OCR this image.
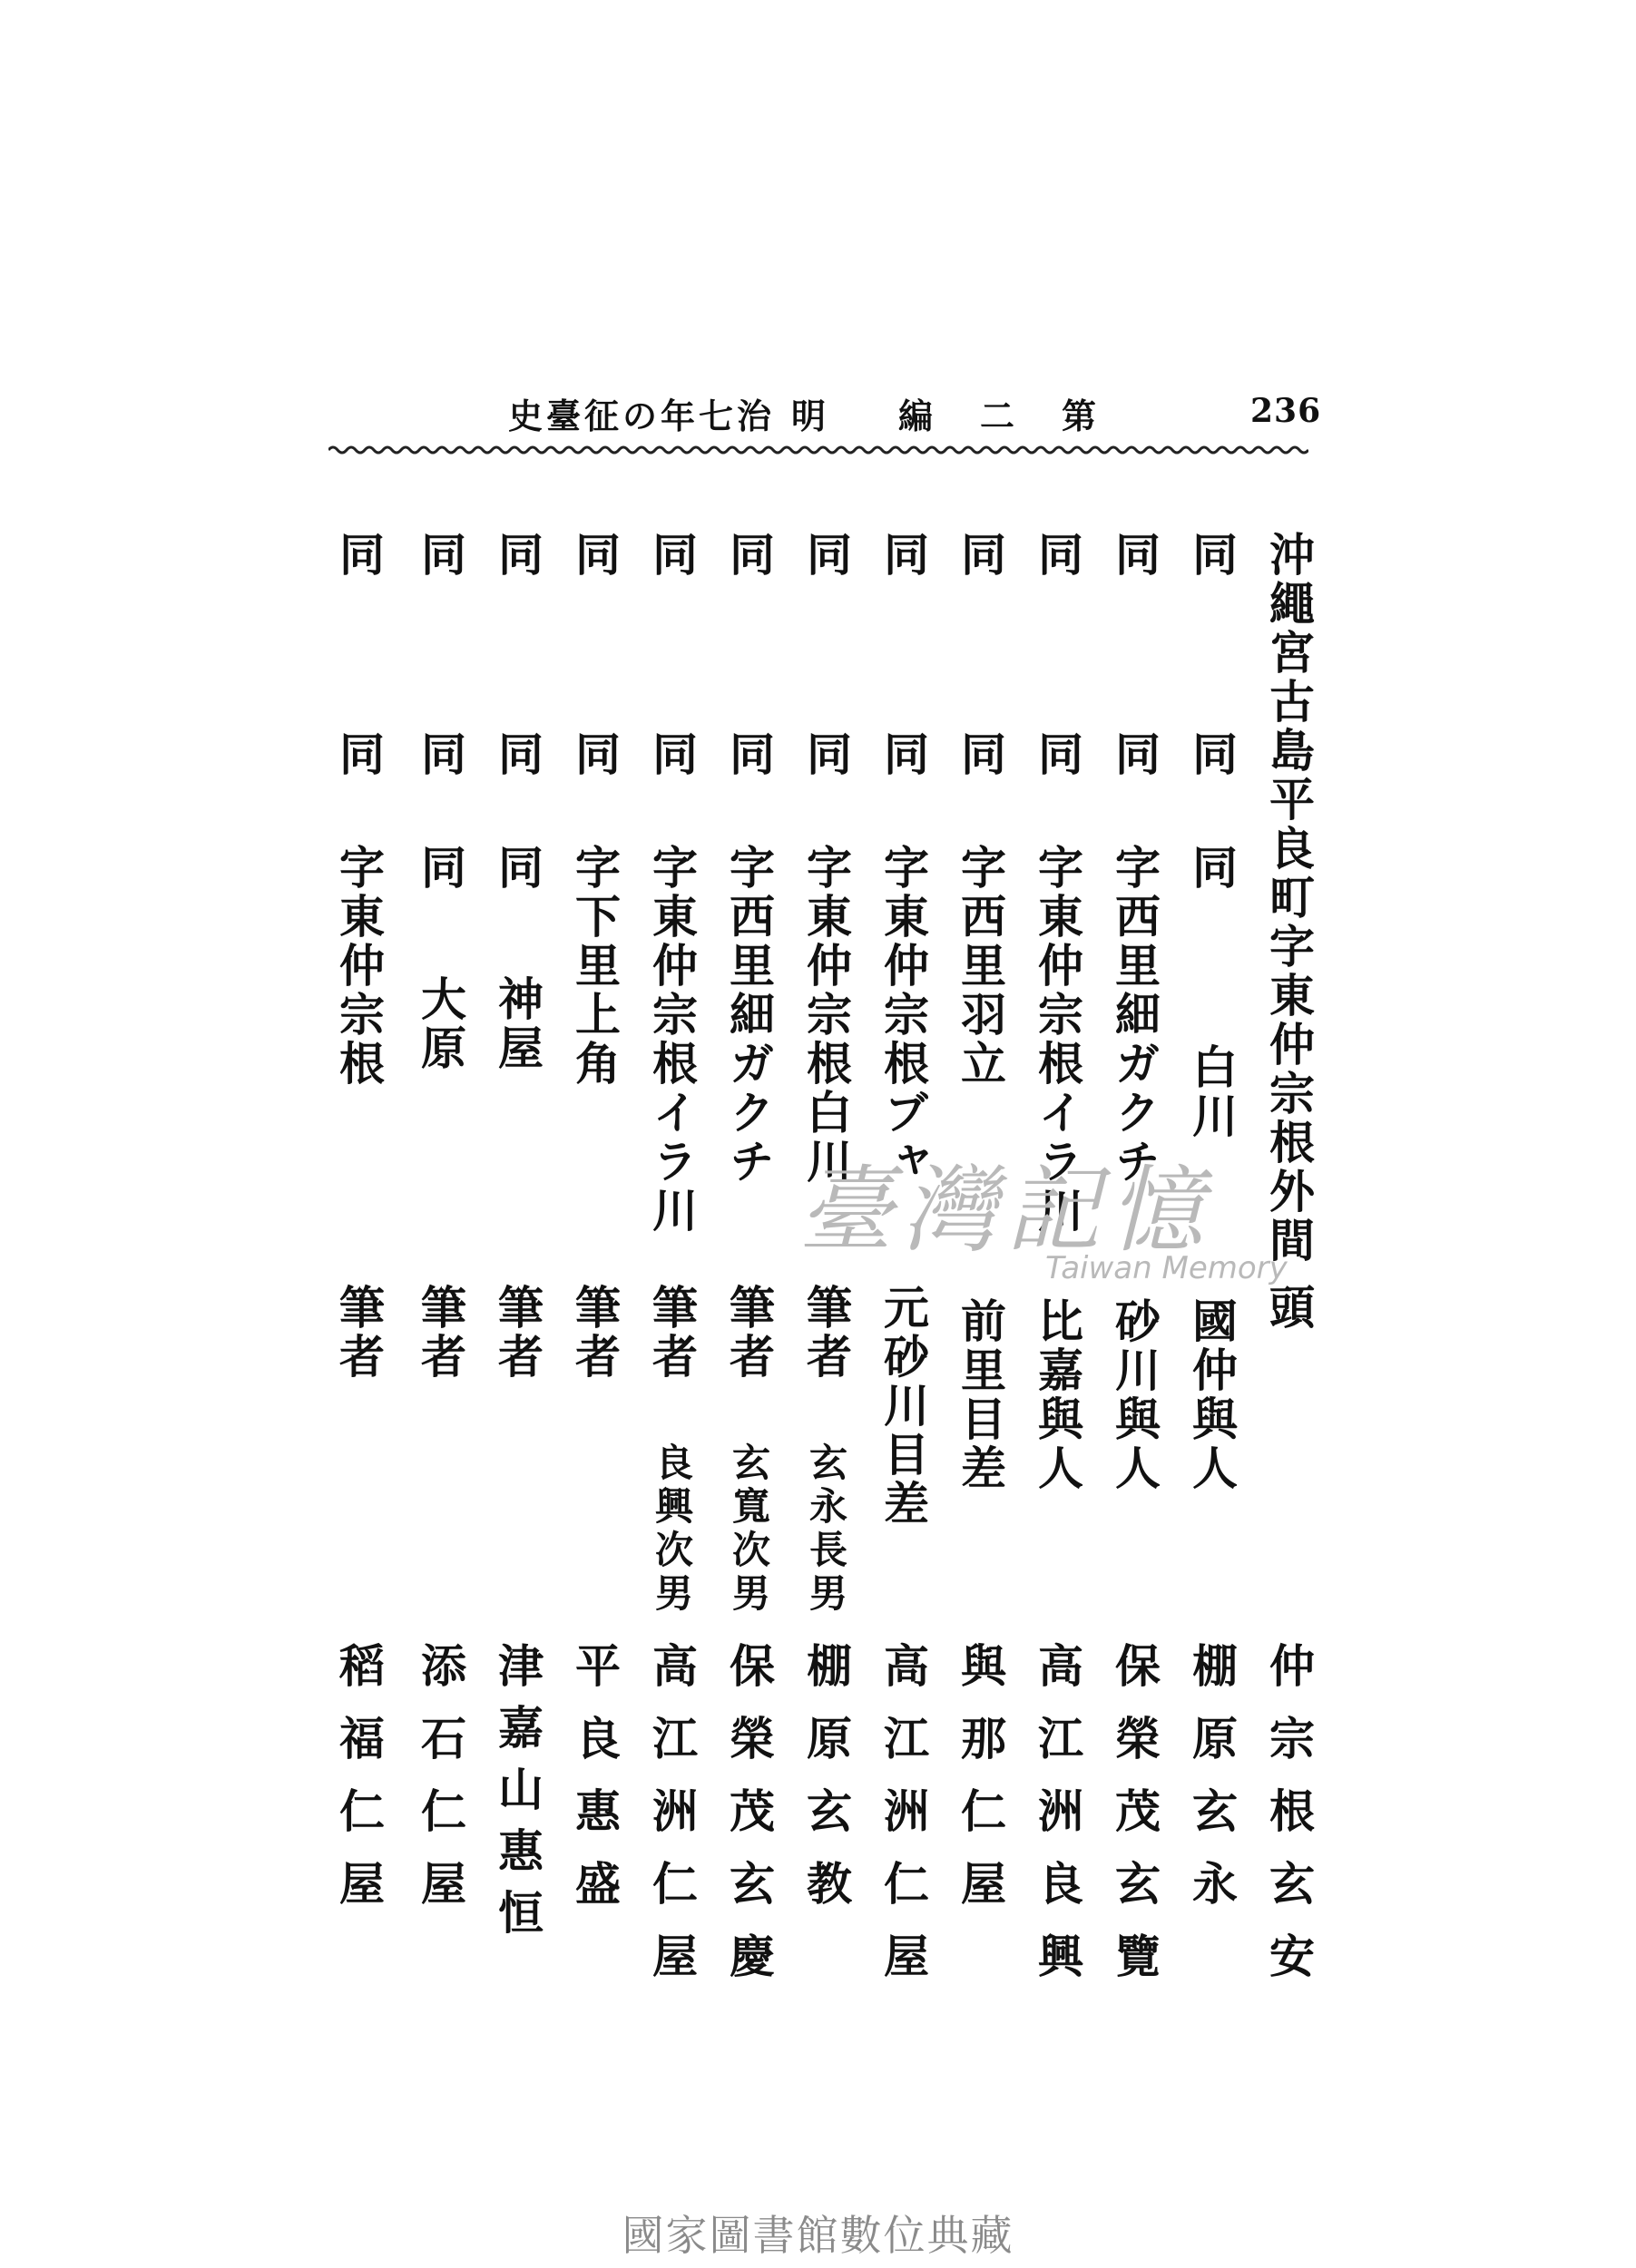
236
第
二
編
明
治
七
年
の
征
臺
史
沖繩宮古島平良町字東仲宗根外間
頭
仲宗根玄安
同
同
同
白川
國仲與人
棚原玄永
同
同
字西里細ガクチ
砂川與人
保榮茂玄覽
同
同
字東仲宗根イラ川
比嘉與人
高江洲良興
同
同
字西里羽立
前里目差
與那仁屋
同
同
字東仲宗根ブャ
元砂川目差
高江洲仁屋
同
同
字東仲宗根白川
筆者
玄永長男
棚原玄教
同
同
字西里細ガクチ
筆者
玄寬次男
保榮茂玄慶
同
同
字東仲宗根イラ川
筆者
良興次男
高江洲仁屋
同
同
字下里上角
筆者
平良惠盛
同
同
同
神屋
筆者
津嘉山惠恒
同
同
同
大原
筆者
添石仁屋
同
同
字東仲宗根
筆者
稻福仁屋
臺灣記憶
Taiwan Memory
國家圖書館數位典藏
